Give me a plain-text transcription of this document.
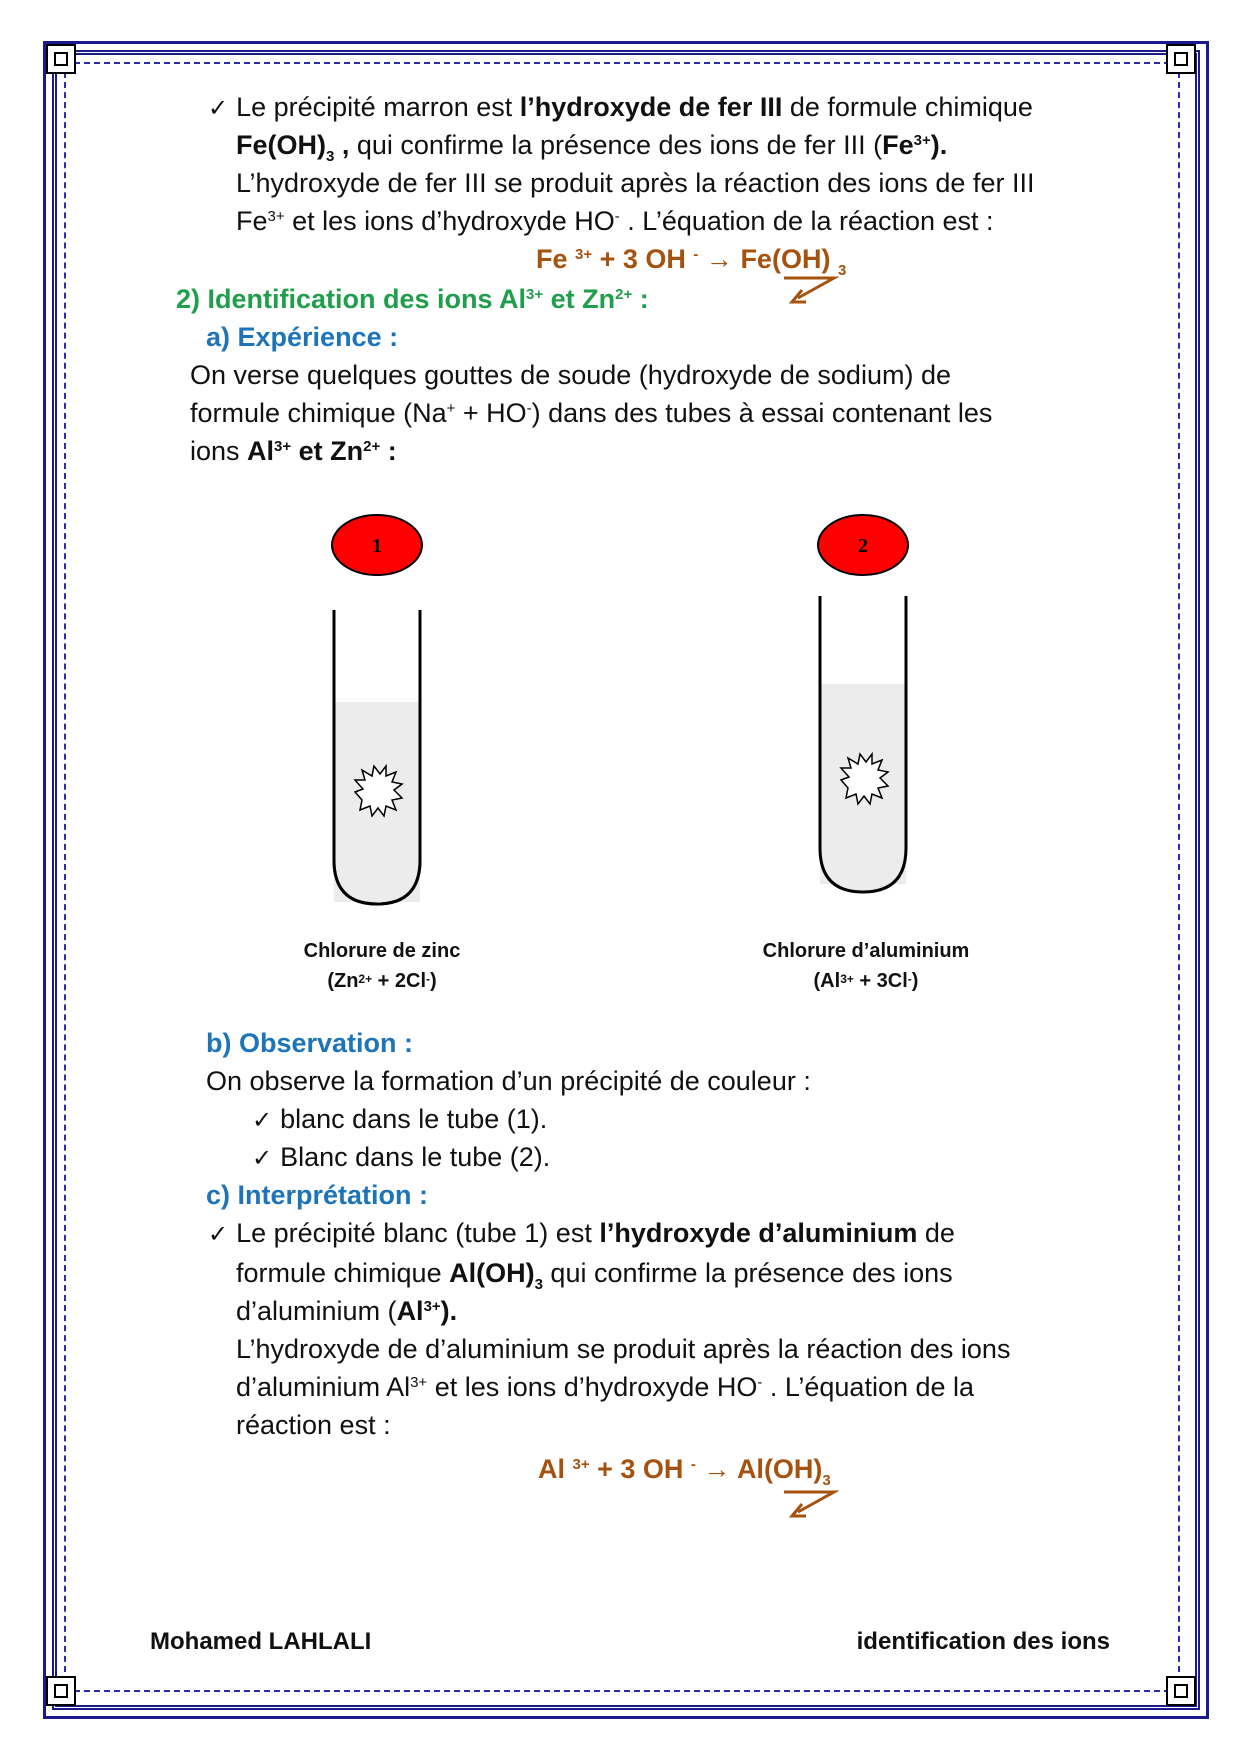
✓ Le précipité marron est l’hydroxyde de fer III de formule chimique
$Fe(OH)_3$ , qui confirme la présence des ions de fer III $(Fe^{3+})$.
L’hydroxyde de fer III se produit après la réaction des ions de fer III
$Fe^{3+}$ et les ions d’hydroxyde HO- . L’équation de la réaction est :
Fe $^{3+}$ + 3 OH - → Fe(OH) $_3$
2) Identification des ions $Al^{3+}$ et $Zn^{2+}$ :
a) Expérience :
On verse quelques gouttes de soude (hydroxyde de sodium) de
formule chimique (Na+ + HO-) dans des tubes à essai contenant les
ions $Al^{3+}$ et $Zn^{2+}$ :
1	2
Chlorure de zinc
$(Zn^{2+} + 2Cl^-)$
Chlorure d’aluminium
$(Al^{3+} + 3Cl^-)$
b) Observation :
On observe la formation d’un précipité de couleur :
✓ blanc dans le tube (1).
✓ Blanc dans le tube (2).
c) Interprétation :
✓ Le précipité blanc (tube 1) est l’hydroxyde d’aluminium de
formule chimique $Al(OH)_3$ qui confirme la présence des ions
d’aluminium $(Al^{3+})$.
L’hydroxyde de d’aluminium se produit après la réaction des ions
d’aluminium $Al^{3+}$ et les ions d’hydroxyde HO- . L’équation de la
réaction est :
Al $^{3+}$ + 3 OH $^- \to Al(OH)_3$
Mohamed LAHLALI	identification des ions
